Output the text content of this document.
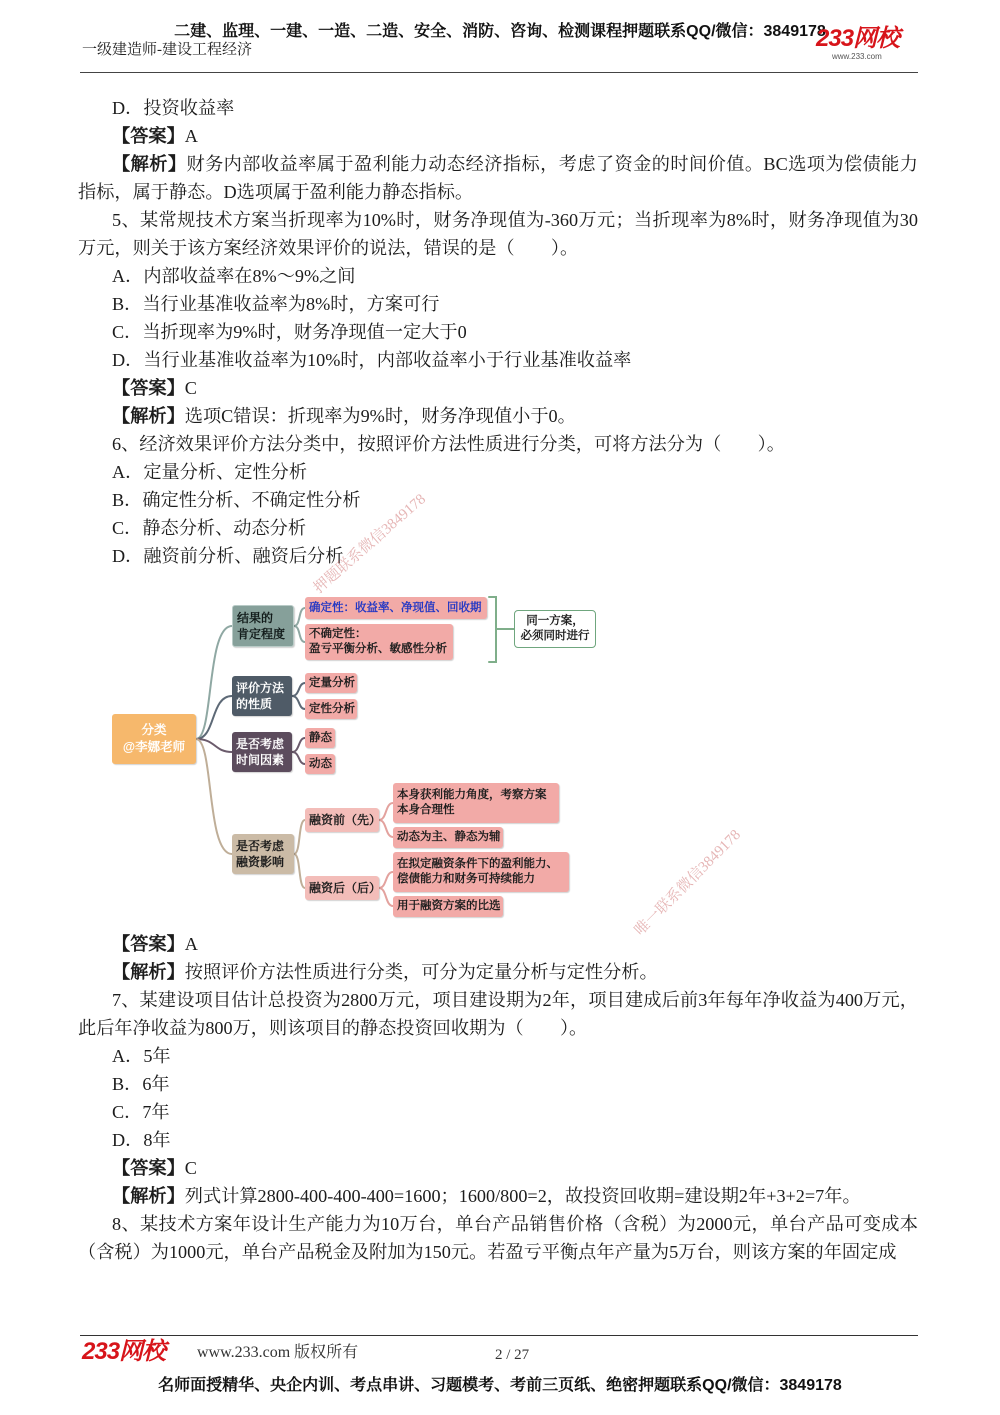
二建、监理、一建、一造、二造、安全、消防、咨询、检测课程押题联系QQ/微信：3849178
一级建造师-建设工程经济	233网校
www.233.com

D．投资收益率

【答案】A

【解析】财务内部收益率属于盈利能力动态经济指标，考虑了资金的时间价值。BC选项为偿债能力指标，属于静态。D选项属于盈利能力静态指标。

5、某常规技术方案当折现率为10%时，财务净现值为-360万元；当折现率为8%时，财务净现值为30万元，则关于该方案经济效果评价的说法，错误的是（　　）。

A．内部收益率在8%～9%之间

B．当行业基准收益率为8%时，方案可行

C．当折现率为9%时，财务净现值一定大于0

D．当行业基准收益率为10%时，内部收益率小于行业基准收益率

【答案】C

【解析】选项C错误：折现率为9%时，财务净现值小于0。

6、经济效果评价方法分类中，按照评价方法性质进行分类，可将方法分为（　　）。

A．定量分析、定性分析

B．确定性分析、不确定性分析

C．静态分析、动态分析

D．融资前分析、融资后分析

分类
@李娜老师
结果的
肯定程度
确定性：收益率、净现值、回收期
不确定性：
盈亏平衡分析、敏感性分析
同一方案，
必须同时进行
评价方法
的性质
定量分析
定性分析
是否考虑
时间因素
静态
动态
是否考虑
融资影响
融资前（先）
本身获利能力角度，考察方案
本身合理性
动态为主、静态为辅
融资后（后）
在拟定融资条件下的盈利能力、
偿债能力和财务可持续能力
用于融资方案的比选
押题联系微信3849178
唯一联系微信3849178

【答案】A

【解析】按照评价方法性质进行分类，可分为定量分析与定性分析。

7、某建设项目估计总投资为2800万元，项目建设期为2年，项目建成后前3年每年净收益为400万元，此后年净收益为800万，则该项目的静态投资回收期为（　　）。

A．5年

B．6年

C．7年

D．8年

【答案】C

【解析】列式计算2800-400-400-400=1600；1600/800=2，故投资回收期=建设期2年+3+2=7年。

8、某技术方案年设计生产能力为10万台，单台产品销售价格（含税）为2000元，单台产品可变成本（含税）为1000元，单台产品税金及附加为150元。若盈亏平衡点年产量为5万台，则该方案的年固定成

233网校 www.233.com 版权所有	2 / 27
名师面授精华、央企内训、考点串讲、习题模考、考前三页纸、绝密押题联系QQ/微信：3849178
